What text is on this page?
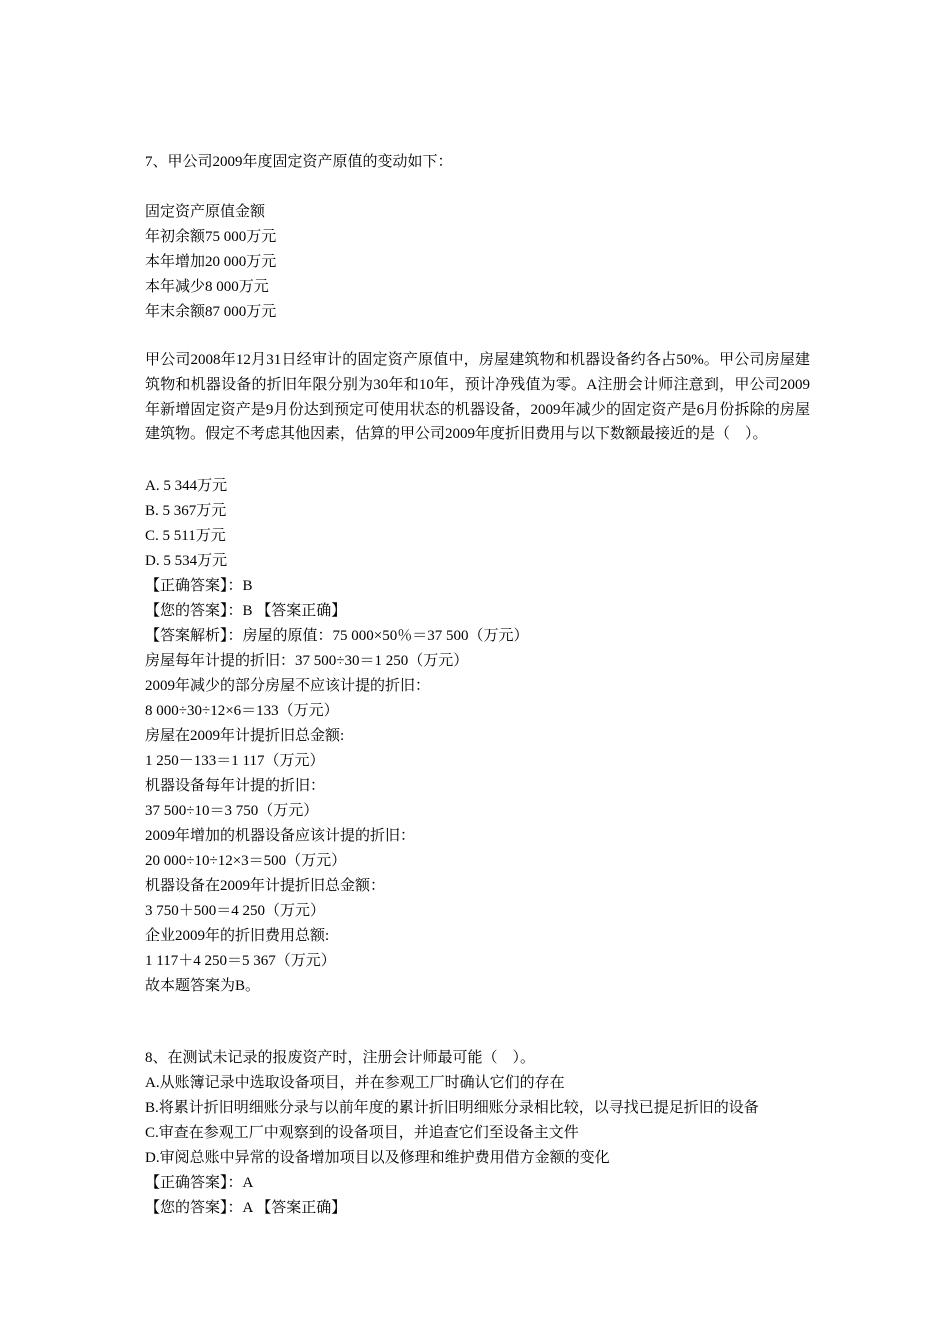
7、甲公司2009年度固定资产原值的变动如下：
固定资产原值金额
年初余额75 000万元
本年增加20 000万元
本年减少8 000万元
年末余额87 000万元
甲公司2008年12月31日经审计的固定资产原值中，房屋建筑物和机器设备约各占50%。甲公司房屋建筑物和机器设备的折旧年限分别为30年和10年，预计净残值为零。A注册会计师注意到，甲公司2009年新增固定资产是9月份达到预定可使用状态的机器设备，2009年减少的固定资产是6月份拆除的房屋建筑物。假定不考虑其他因素，估算的甲公司2009年度折旧费用与以下数额最接近的是（　）。
A. 5 344万元
B. 5 367万元
C. 5 511万元
D. 5 534万元
【正确答案】：B
【您的答案】：B 【答案正确】
【答案解析】：房屋的原值：75 000×50％＝37 500（万元）
房屋每年计提的折旧：37 500÷30＝1 250（万元）
2009年减少的部分房屋不应该计提的折旧：
8 000÷30÷12×6＝133（万元）
房屋在2009年计提折旧总金额:
1 250－133＝1 117（万元）
机器设备每年计提的折旧：
37 500÷10＝3 750（万元）
2009年增加的机器设备应该计提的折旧：
20 000÷10÷12×3＝500（万元）
机器设备在2009年计提折旧总金额：
3 750＋500＝4 250（万元）
企业2009年的折旧费用总额:
1 117＋4 250＝5 367（万元）
故本题答案为B。
8、在测试未记录的报废资产时，注册会计师最可能（　）。
A.从账簿记录中选取设备项目，并在参观工厂时确认它们的存在
B.将累计折旧明细账分录与以前年度的累计折旧明细账分录相比较，以寻找已提足折旧的设备
C.审查在参观工厂中观察到的设备项目，并追查它们至设备主文件
D.审阅总账中异常的设备增加项目以及修理和维护费用借方金额的变化
【正确答案】：A
【您的答案】：A 【答案正确】
